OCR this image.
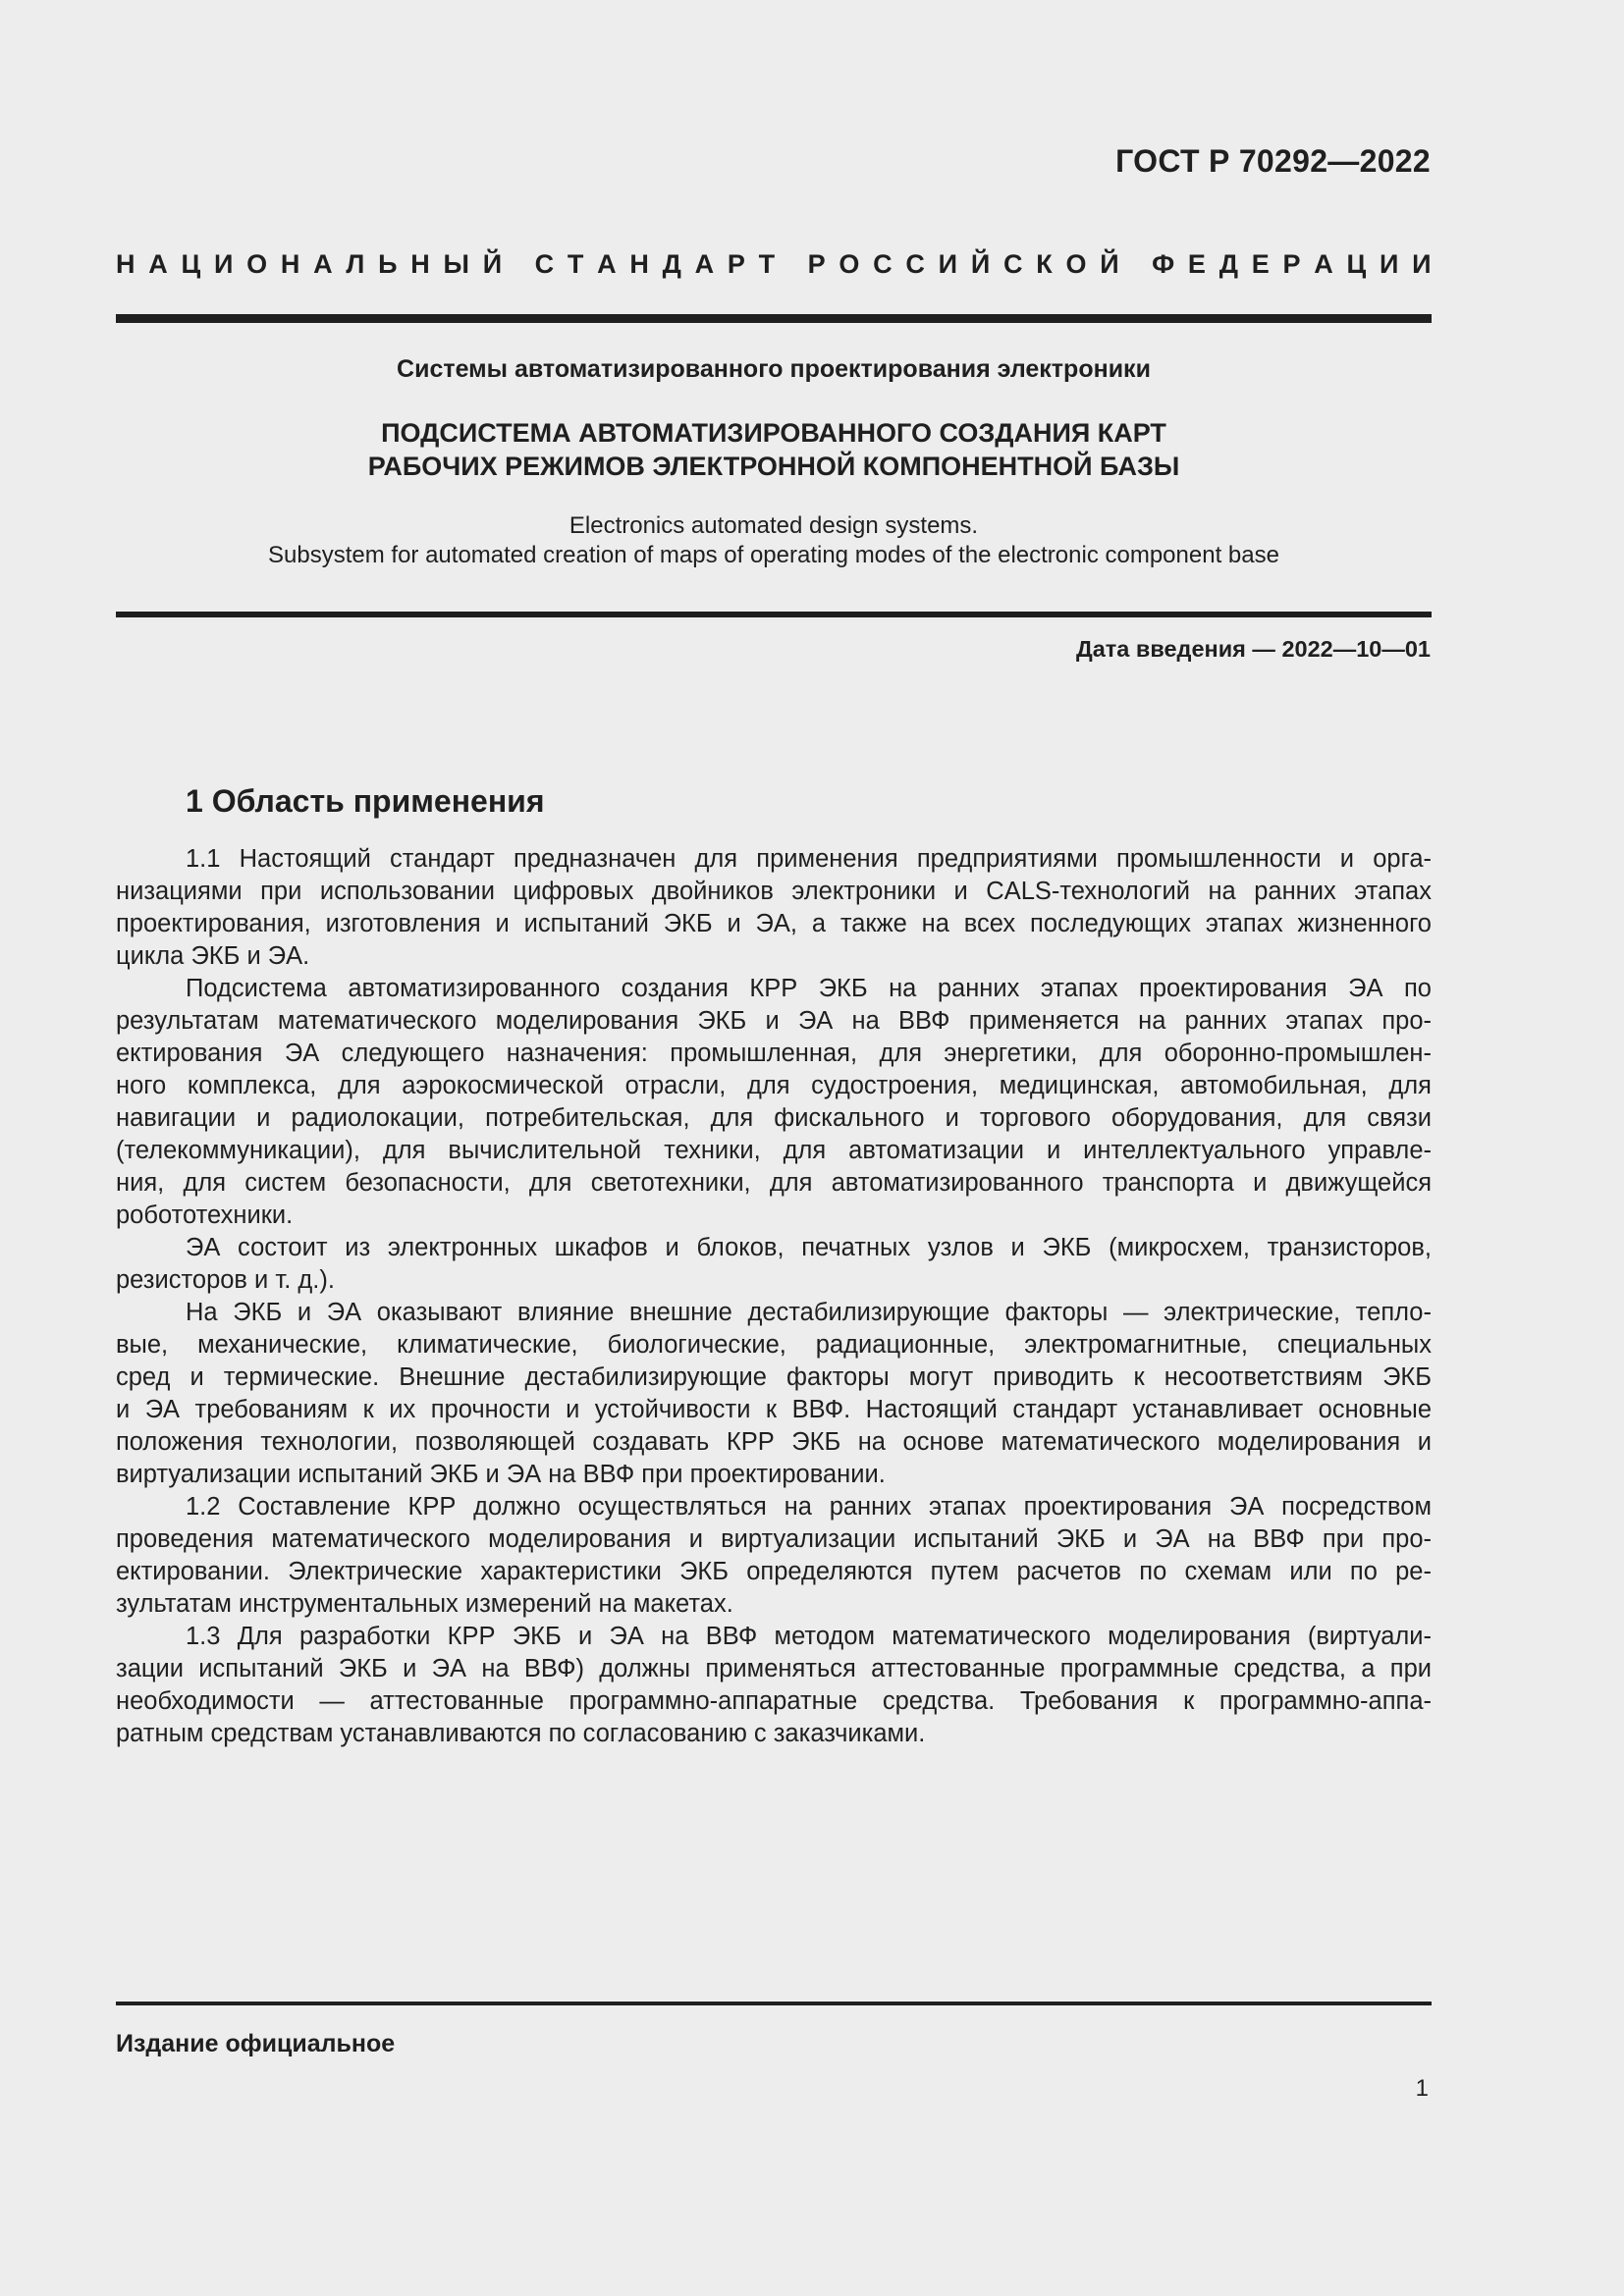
ГОСТ Р 70292—2022
Н А Ц И О Н А Л Ь Н Ы Й С Т А Н Д А Р Т Р О С С И Й С К О Й Ф Е Д Е Р А Ц И И
Системы автоматизированного проектирования электроники
ПОДСИСТЕМА АВТОМАТИЗИРОВАННОГО СОЗДАНИЯ КАРТ
РАБОЧИХ РЕЖИМОВ ЭЛЕКТРОННОЙ КОМПОНЕНТНОЙ БАЗЫ
Electronics automated design systems.
Subsystem for automated creation of maps of operating modes of the electronic component base
Дата введения — 2022—10—01
1 Область применения
1.1 Настоящий стандарт предназначен для применения предприятиями промышленности и орга-
низациями при использовании цифровых двойников электроники и CALS-технологий на ранних этапах
проектирования, изготовления и испытаний ЭКБ и ЭА, а также на всех последующих этапах жизненного
цикла ЭКБ и ЭА.
Подсистема автоматизированного создания КРР ЭКБ на ранних этапах проектирования ЭА по
результатам математического моделирования ЭКБ и ЭА на ВВФ применяется на ранних этапах про-
ектирования ЭА следующего назначения: промышленная, для энергетики, для оборонно-промышлен-
ного комплекса, для аэрокосмической отрасли, для судостроения, медицинская, автомобильная, для
навигации и радиолокации, потребительская, для фискального и торгового оборудования, для связи
(телекоммуникации), для вычислительной техники, для автоматизации и интеллектуального управле-
ния, для систем безопасности, для светотехники, для автоматизированного транспорта и движущейся
робототехники.
ЭА состоит из электронных шкафов и блоков, печатных узлов и ЭКБ (микросхем, транзисторов,
резисторов и т. д.).
На ЭКБ и ЭА оказывают влияние внешние дестабилизирующие факторы — электрические, тепло-
вые, механические, климатические, биологические, радиационные, электромагнитные, специальных
сред и термические. Внешние дестабилизирующие факторы могут приводить к несоответствиям ЭКБ
и ЭА требованиям к их прочности и устойчивости к ВВФ. Настоящий стандарт устанавливает основные
положения технологии, позволяющей создавать КРР ЭКБ на основе математического моделирования и
виртуализации испытаний ЭКБ и ЭА на ВВФ при проектировании.
1.2 Составление КРР должно осуществляться на ранних этапах проектирования ЭА посредством
проведения математического моделирования и виртуализации испытаний ЭКБ и ЭА на ВВФ при про-
ектировании. Электрические характеристики ЭКБ определяются путем расчетов по схемам или по ре-
зультатам инструментальных измерений на макетах.
1.3 Для разработки КРР ЭКБ и ЭА на ВВФ методом математического моделирования (виртуали-
зации испытаний ЭКБ и ЭА на ВВФ) должны применяться аттестованные программные средства, а при
необходимости — аттестованные программно-аппаратные средства. Требования к программно-аппа-
ратным средствам устанавливаются по согласованию с заказчиками.
Издание официальное
1
